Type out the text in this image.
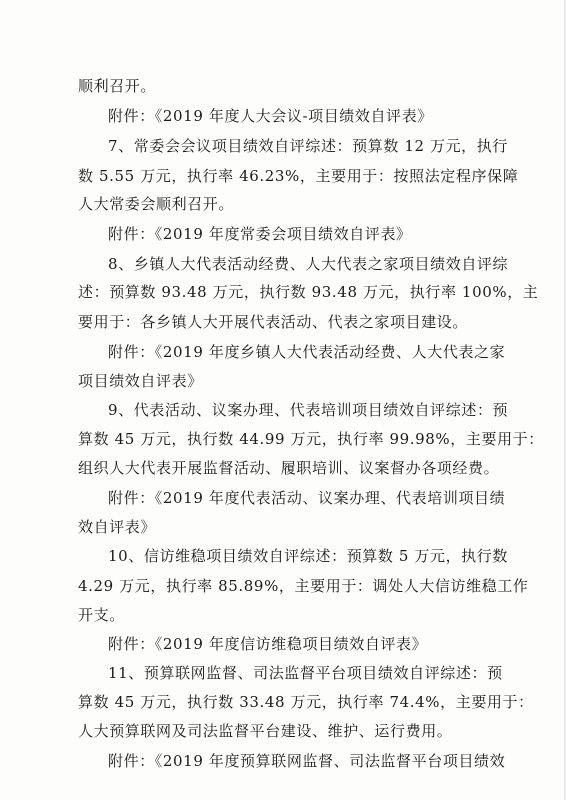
顺利召开。
附件：《2019 年度人大会议-项目绩效自评表》
7、常委会会议项目绩效自评综述：预算数 12 万元，执行
数 5.55 万元，执行率 46.23%，主要用于：按照法定程序保障
人大常委会顺利召开。
附件：《2019 年度常委会项目绩效自评表》
8、乡镇人大代表活动经费、人大代表之家项目绩效自评综
述：预算数 93.48 万元，执行数 93.48 万元，执行率 100%，主
要用于：各乡镇人大开展代表活动、代表之家项目建设。
附件：《2019 年度乡镇人大代表活动经费、人大代表之家
项目绩效自评表》
9、代表活动、议案办理、代表培训项目绩效自评综述：预
算数 45 万元，执行数 44.99 万元，执行率 99.98%，主要用于：
组织人大代表开展监督活动、履职培训、议案督办各项经费。
附件：《2019 年度代表活动、议案办理、代表培训项目绩
效自评表》
10、信访维稳项目绩效自评综述：预算数 5 万元，执行数
4.29 万元，执行率 85.89%，主要用于：调处人大信访维稳工作
开支。
附件：《2019 年度信访维稳项目绩效自评表》
11、预算联网监督、司法监督平台项目绩效自评综述：预
算数 45 万元，执行数 33.48 万元，执行率 74.4%，主要用于：
人大预算联网及司法监督平台建设、维护、运行费用。
附件：《2019 年度预算联网监督、司法监督平台项目绩效
